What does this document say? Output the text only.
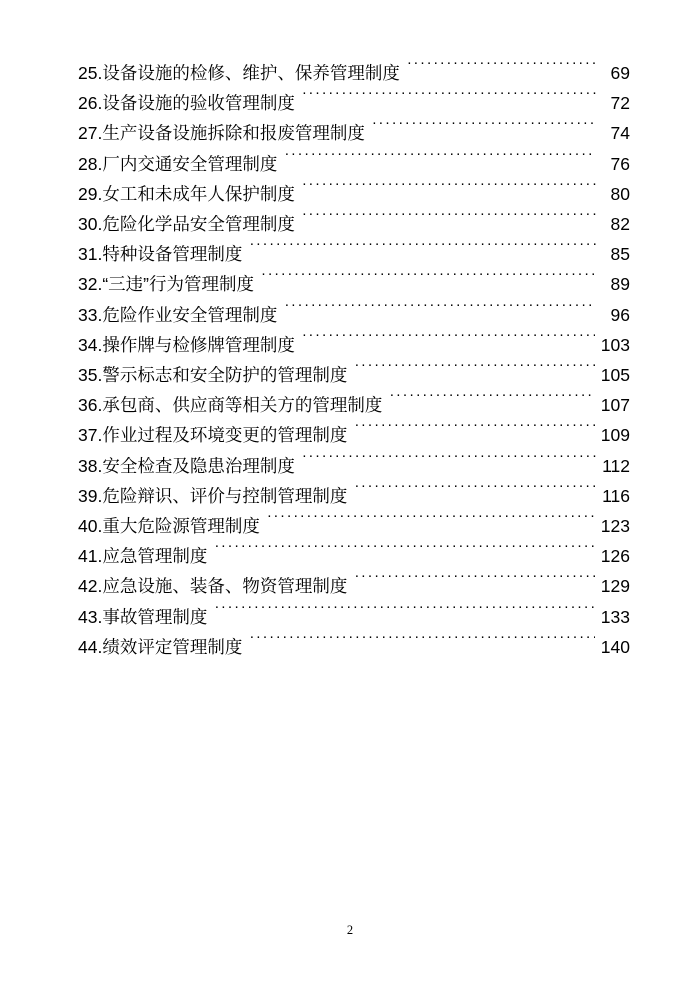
25. 设备设施的检修、维护、保养管理制度 ·····	69
26. 设备设施的验收管理制度 ·····	72
27. 生产设备设施拆除和报废管理制度 ·····	74
28. 厂内交通安全管理制度 ·····	76
29. 女工和未成年人保护制度 ·····	80
30. 危险化学品安全管理制度 ·····	82
31. 特种设备管理制度 ·····	85
32. “三违”行为管理制度 ·····	89
33. 危险作业安全管理制度 ·····	96
34. 操作牌与检修牌管理制度 ·····	103
35. 警示标志和安全防护的管理制度 ·····	105
36. 承包商、供应商等相关方的管理制度 ·····	107
37. 作业过程及环境变更的管理制度 ·····	109
38. 安全检查及隐患治理制度 ·····	112
39. 危险辩识、评价与控制管理制度 ·····	116
40. 重大危险源管理制度 ·····	123
41. 应急管理制度 ·····	126
42. 应急设施、装备、物资管理制度 ·····	129
43. 事故管理制度 ·····	133
44. 绩效评定管理制度 ·····	140
2
